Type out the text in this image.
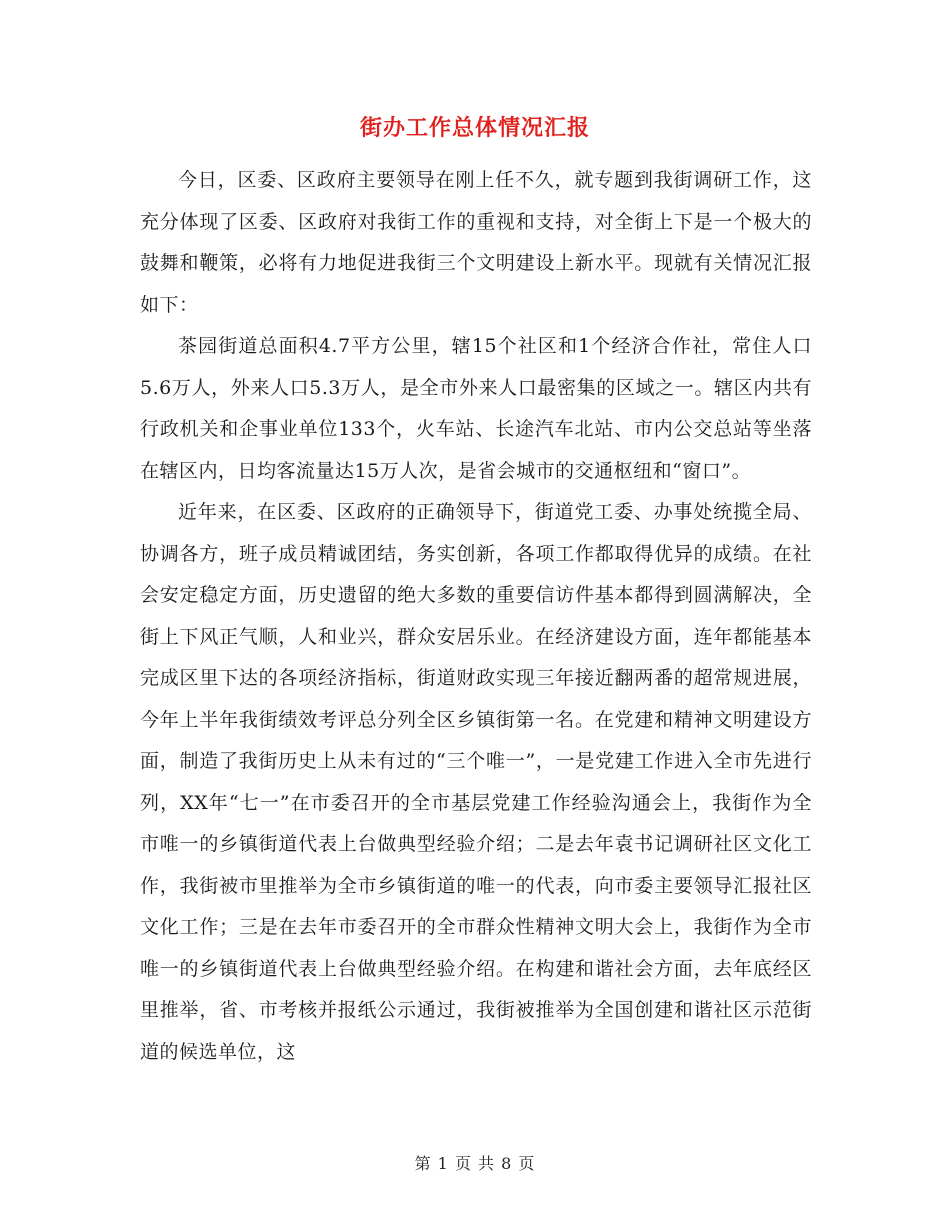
街办工作总体情况汇报

今日，区委、区政府主要领导在刚上任不久，就专题到我街调研工作，这充分体现了区委、区政府对我街工作的重视和支持，对全街上下是一个极大的鼓舞和鞭策，必将有力地促进我街三个文明建设上新水平。现就有关情况汇报如下：

茶园街道总面积4.7平方公里，辖15个社区和1个经济合作社，常住人口5.6万人，外来人口5.3万人，是全市外来人口最密集的区域之一。辖区内共有行政机关和企事业单位133个，火车站、长途汽车北站、市内公交总站等坐落在辖区内，日均客流量达15万人次，是省会城市的交通枢纽和“窗口”。

近年来，在区委、区政府的正确领导下，街道党工委、办事处统揽全局、协调各方，班子成员精诚团结，务实创新，各项工作都取得优异的成绩。在社会安定稳定方面，历史遗留的绝大多数的重要信访件基本都得到圆满解决，全街上下风正气顺，人和业兴，群众安居乐业。在经济建设方面，连年都能基本完成区里下达的各项经济指标，街道财政实现三年接近翻两番的超常规进展，今年上半年我街绩效考评总分列全区乡镇街第一名。在党建和精神文明建设方面，制造了我街历史上从未有过的“三个唯一”，一是党建工作进入全市先进行列，XX年“七一”在市委召开的全市基层党建工作经验沟通会上，我街作为全市唯一的乡镇街道代表上台做典型经验介绍；二是去年袁书记调研社区文化工作，我街被市里推举为全市乡镇街道的唯一的代表，向市委主要领导汇报社区文化工作；三是在去年市委召开的全市群众性精神文明大会上，我街作为全市唯一的乡镇街道代表上台做典型经验介绍。在构建和谐社会方面，去年底经区里推举，省、市考核并报纸公示通过，我街被推举为全国创建和谐社区示范街道的候选单位，这

第 1 页 共 8 页
